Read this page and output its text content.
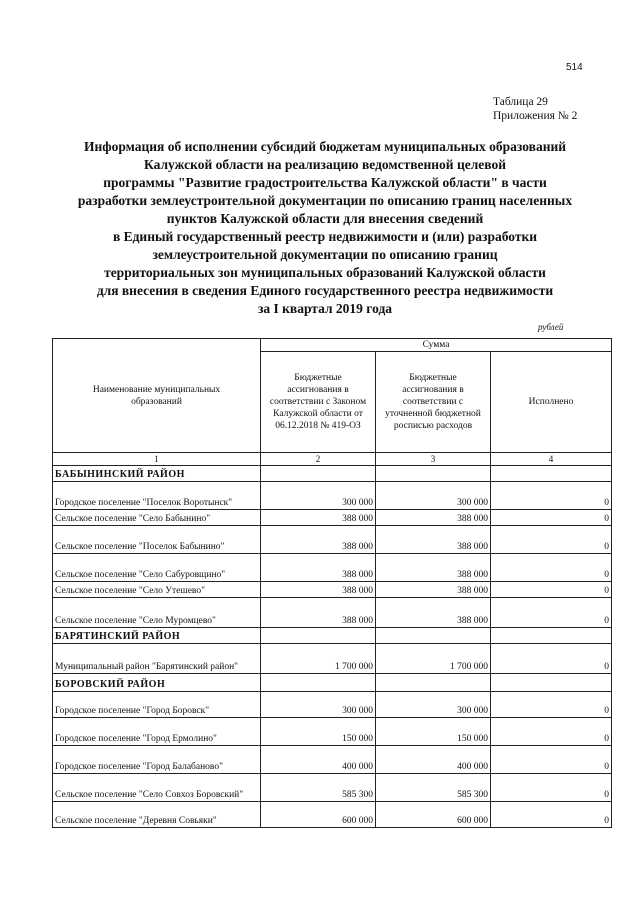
514
Таблица 29
Приложения № 2
Информация об исполнении субсидий бюджетам муниципальных образований
Калужской области на реализацию ведомственной целевой
программы "Развитие градостроительства Калужской области" в части
разработки землеустроительной документации по описанию границ населенных
пунктов Калужской области для внесения сведений
в Единый государственный реестр недвижимости и (или) разработки
землеустроительной документации по описанию границ
территориальных зон муниципальных образований Калужской области
для внесения в сведения Единого государственного реестра недвижимости
за I квартал 2019 года
рублей
Наименование муниципальных образований	Сумма		
	Бюджетные ассигнования в соответствии с Законом Калужской области от 06.12.2018 № 419-ОЗ	Бюджетные ассигнования в соответствии с уточненной бюджетной росписью расходов	Исполнено
1	2	3	4
БАБЫНИНСКИЙ РАЙОН			
Городское поселение "Поселок Воротынск"	300 000	300 000	0
Сельское поселение "Село Бабынино"	388 000	388 000	0
Сельское поселение "Поселок Бабынино"	388 000	388 000	0
Сельское поселение "Село Сабуровщино"	388 000	388 000	0
Сельское поселение "Село Утешево"	388 000	388 000	0
Сельское поселение "Село Муромцево"	388 000	388 000	0
БАРЯТИНСКИЙ РАЙОН			
Муниципальный район "Барятинский район"	1 700 000	1 700 000	0
БОРОВСКИЙ РАЙОН			
Городское поселение "Город Боровск"	300 000	300 000	0
Городское поселение "Город Ермолино"	150 000	150 000	0
Городское поселение "Город Балабаново"	400 000	400 000	0
Сельское поселение "Село Совхоз Боровский"	585 300	585 300	0
Сельское поселение "Деревня Совьяки"	600 000	600 000	0
